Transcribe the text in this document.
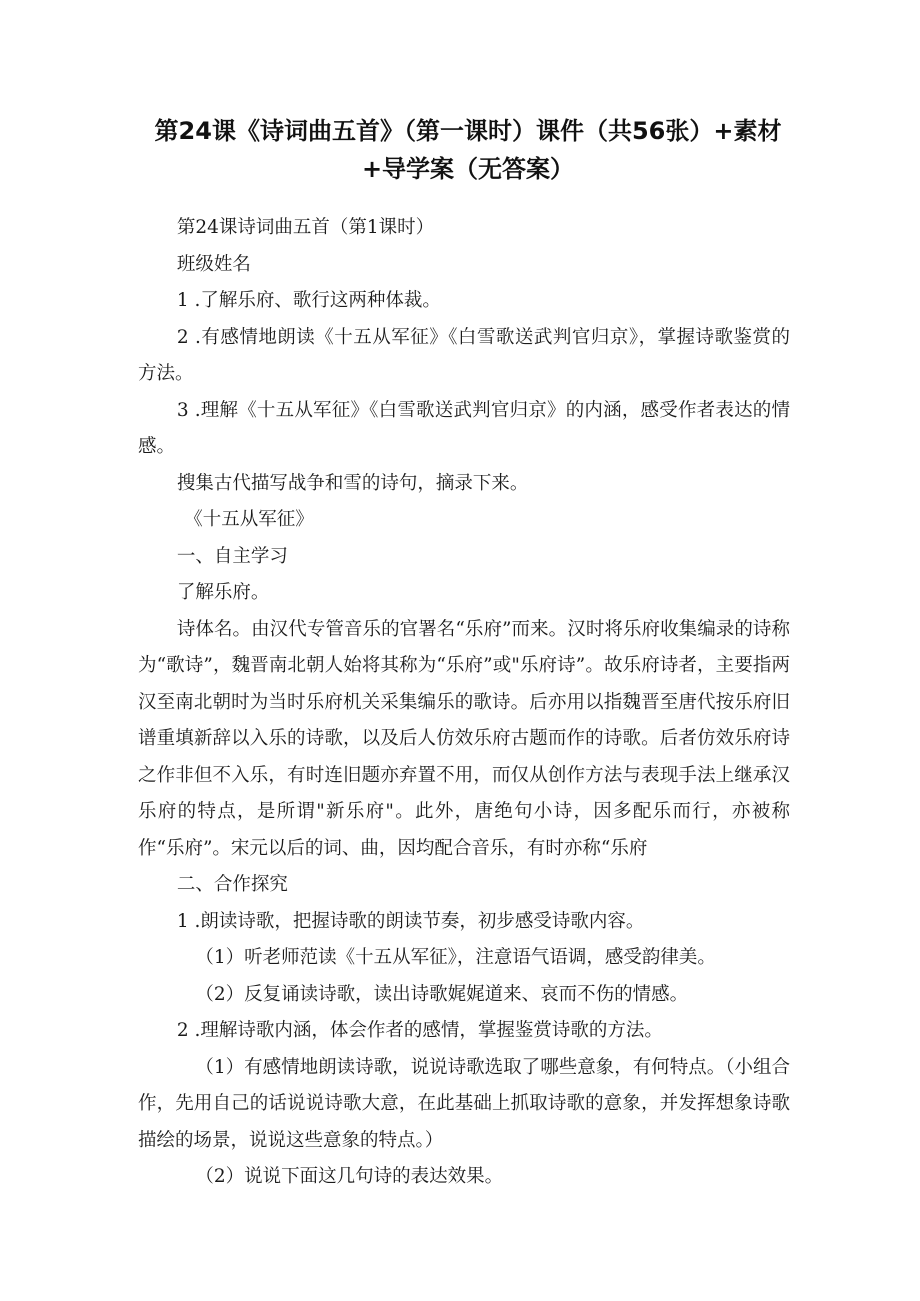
第24课《诗词曲五首》（第一课时）课件（共56张）+素材+导学案（无答案）

第24课诗词曲五首（第1课时）

班级姓名

1 .了解乐府、歌行这两种体裁。

2 .有感情地朗读《十五从军征》《白雪歌送武判官归京》，掌握诗歌鉴赏的方法。

3 .理解《十五从军征》《白雪歌送武判官归京》的内涵，感受作者表达的情感。

搜集古代描写战争和雪的诗句，摘录下来。

《十五从军征》

一、自主学习

了解乐府。

诗体名。由汉代专管音乐的官署名“乐府”而来。汉时将乐府收集编录的诗称为“歌诗”，魏晋南北朝人始将其称为“乐府”或"乐府诗”。故乐府诗者，主要指两汉至南北朝时为当时乐府机关采集编乐的歌诗。后亦用以指魏晋至唐代按乐府旧谱重填新辞以入乐的诗歌，以及后人仿效乐府古题而作的诗歌。后者仿效乐府诗之作非但不入乐，有时连旧题亦弃置不用，而仅从创作方法与表现手法上继承汉乐府的特点，是所谓"新乐府"。此外，唐绝句小诗，因多配乐而行，亦被称作“乐府”。宋元以后的词、曲，因均配合音乐，有时亦称“乐府

二、合作探究

1 .朗读诗歌，把握诗歌的朗读节奏，初步感受诗歌内容。

（1）听老师范读《十五从军征》，注意语气语调，感受韵律美。

（2）反复诵读诗歌，读出诗歌娓娓道来、哀而不伤的情感。

2 .理解诗歌内涵，体会作者的感情，掌握鉴赏诗歌的方法。

（1）有感情地朗读诗歌，说说诗歌选取了哪些意象，有何特点。（小组合作，先用自己的话说说诗歌大意，在此基础上抓取诗歌的意象，并发挥想象诗歌描绘的场景，说说这些意象的特点。）

（2）说说下面这几句诗的表达效果。
